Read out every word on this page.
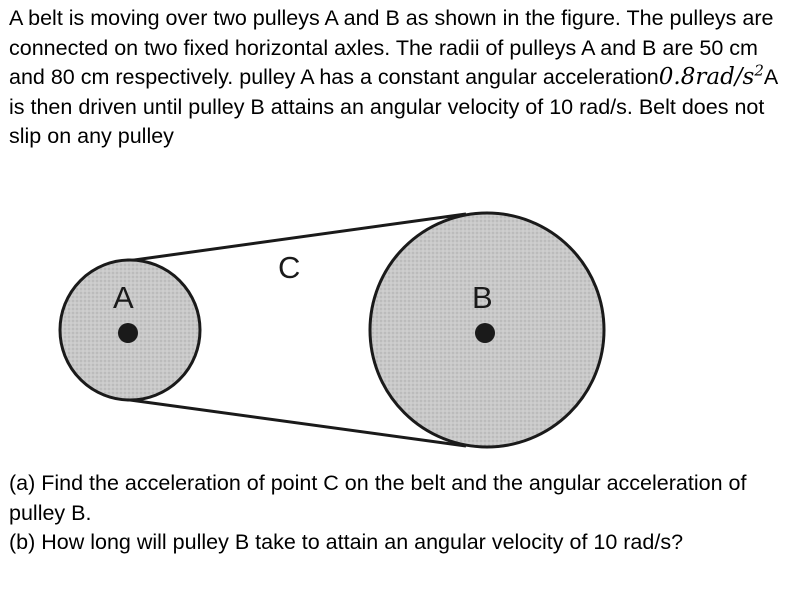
A belt is moving over two pulleys A and B as shown in the figure. The pulleys are connected on two fixed horizontal axles. The radii of pulleys A and B are 50 cm and 80 cm respectively. pulley A has a constant angular $acceleration0.8rad/s^2A$ is then driven until pulley B attains an angular velocity of 10 rad/s. Belt does not slip on any pulley

A	B
C
(a) Find the acceleration of point C on the belt and the angular acceleration of pulley B.
(b) How long will pulley B take to attain an angular velocity of 10 rad/s?
